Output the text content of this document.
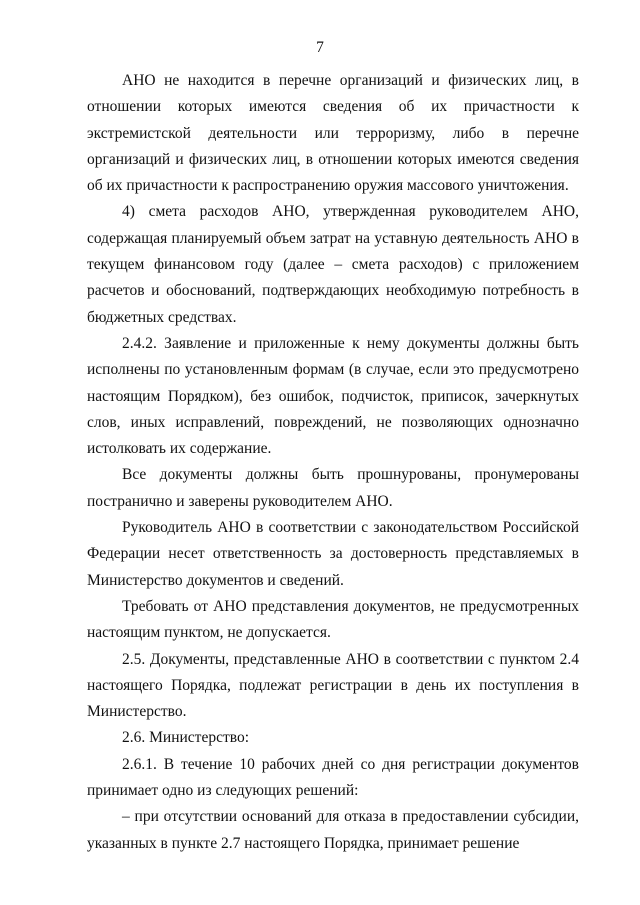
7

АНО не находится в перечне организаций и физических лиц, в отношении которых имеются сведения об их причастности к экстремистской деятельности или терроризму, либо в перечне организаций и физических лиц, в отношении которых имеются сведения об их причастности к распространению оружия массового уничтожения.

4) смета расходов АНО, утвержденная руководителем АНО, содержащая планируемый объем затрат на уставную деятельность АНО в текущем финансовом году (далее – смета расходов) с приложением расчетов и обоснований, подтверждающих необходимую потребность в бюджетных средствах.

2.4.2. Заявление и приложенные к нему документы должны быть исполнены по установленным формам (в случае, если это предусмотрено настоящим Порядком), без ошибок, подчисток, приписок, зачеркнутых слов, иных исправлений, повреждений, не позволяющих однозначно истолковать их содержание.

Все документы должны быть прошнурованы, пронумерованы постранично и заверены руководителем АНО.

Руководитель АНО в соответствии с законодательством Российской Федерации несет ответственность за достоверность представляемых в Министерство документов и сведений.

Требовать от АНО представления документов, не предусмотренных настоящим пунктом, не допускается.

2.5. Документы, представленные АНО в соответствии с пунктом 2.4 настоящего Порядка, подлежат регистрации в день их поступления в Министерство.

2.6. Министерство:

2.6.1. В течение 10 рабочих дней со дня регистрации документов принимает одно из следующих решений:

– при отсутствии оснований для отказа в предоставлении субсидии, указанных в пункте 2.7 настоящего Порядка, принимает решение
